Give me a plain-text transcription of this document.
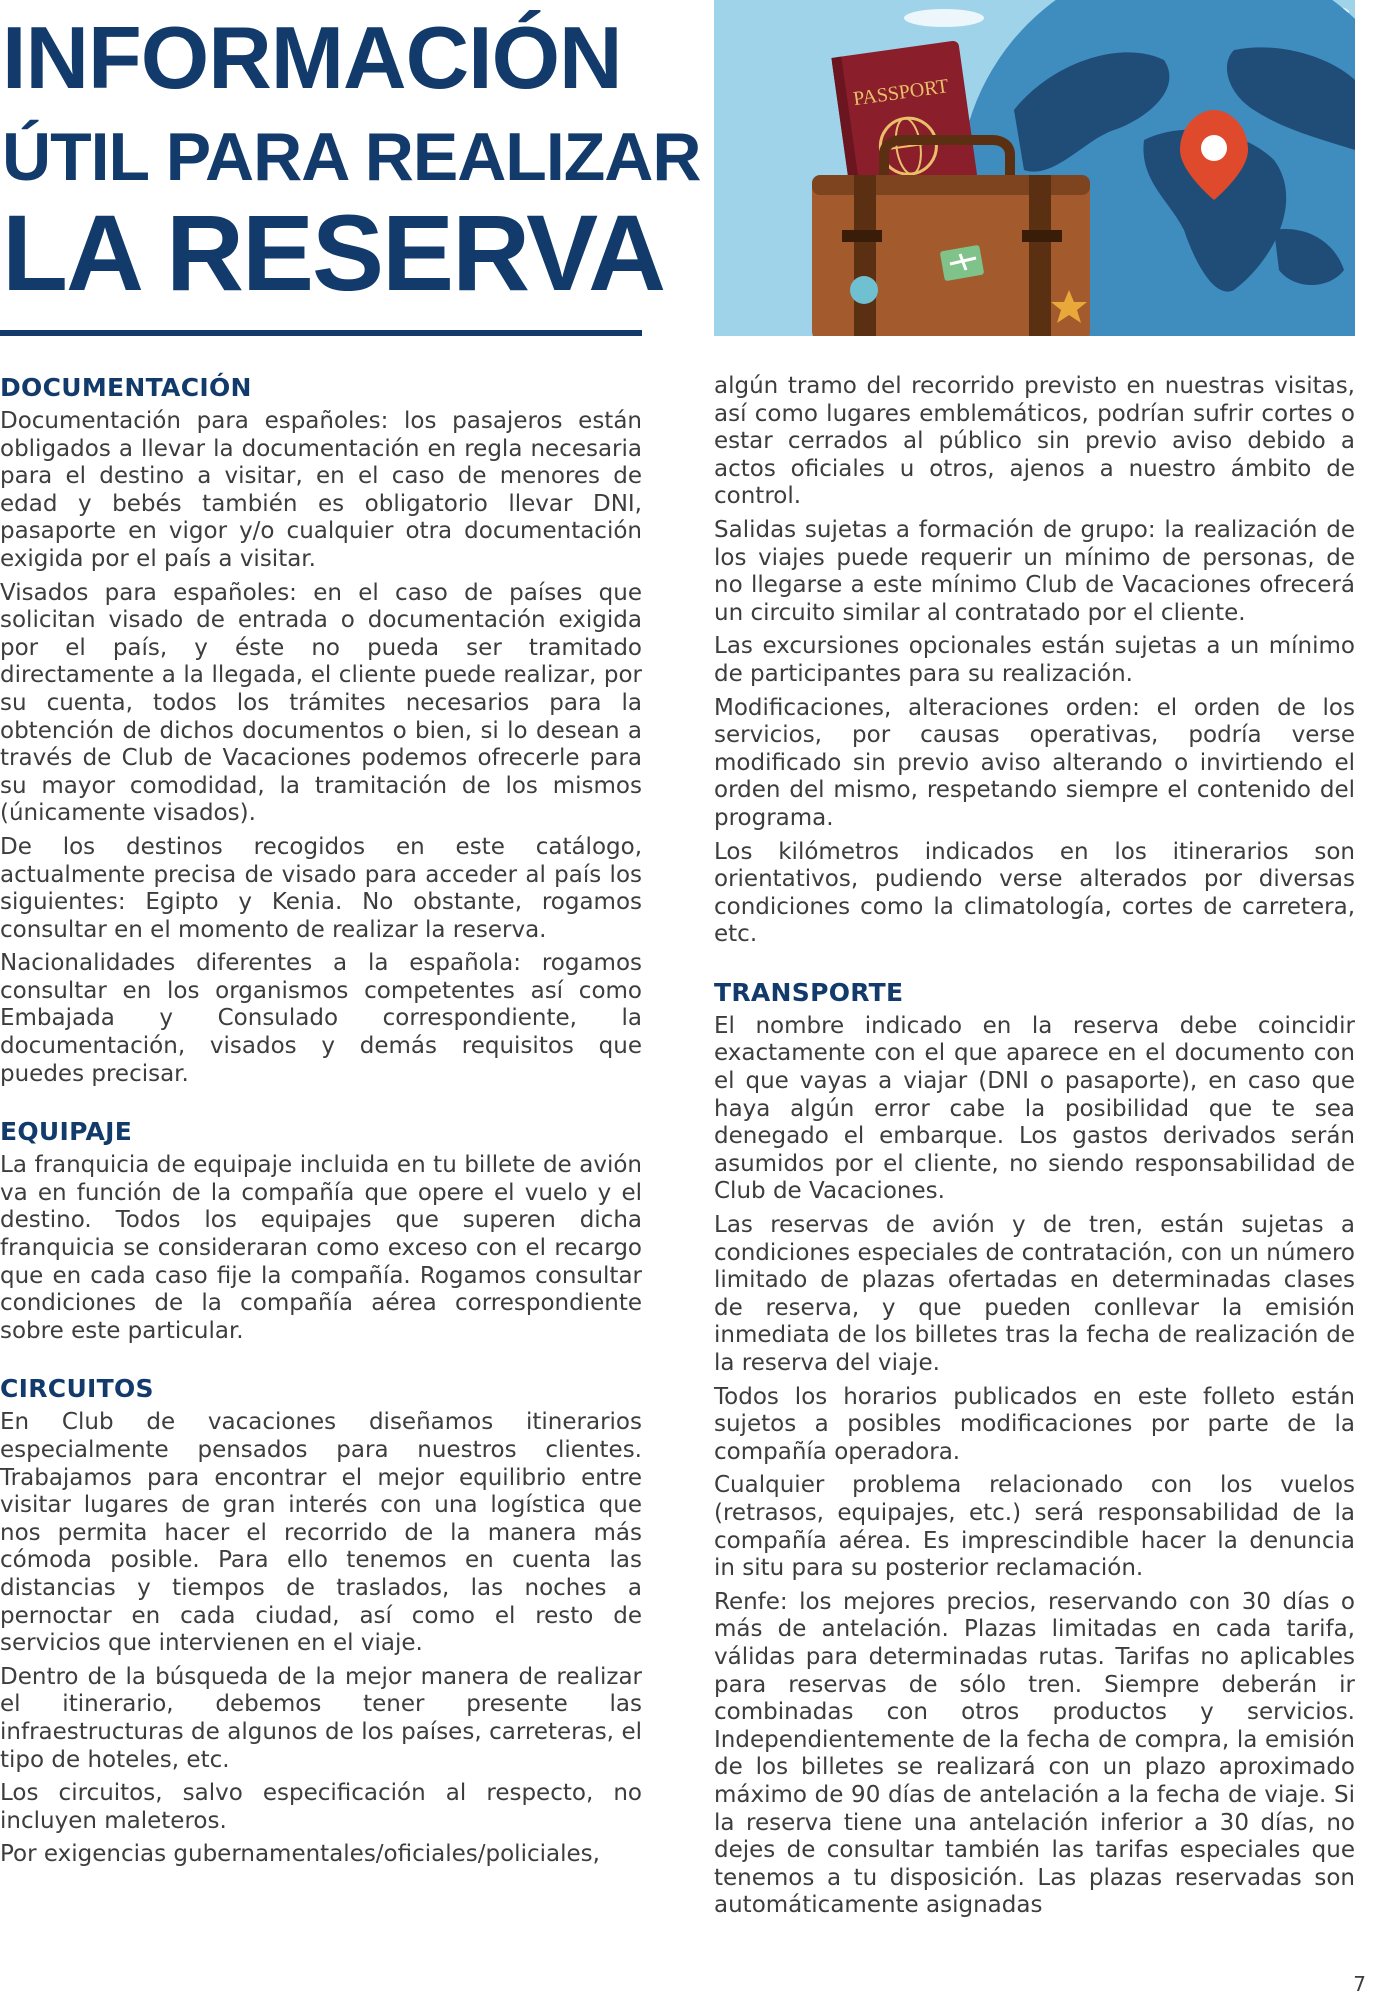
INFORMACIÓN
ÚTIL PARA REALIZAR
LA RESERVA
PASSPORT
DOCUMENTACIÓN

Documentación para españoles: los pasajeros están obligados a llevar la documentación en regla necesaria para el destino a visitar, en el caso de menores de edad y bebés también es obligatorio llevar DNI, pasaporte en vigor y/o cualquier otra documentación exigida por el país a visitar.

Visados para españoles: en el caso de países que solicitan visado de entrada o documentación exigida por el país, y éste no pueda ser tramitado directamente a la llegada, el cliente puede realizar, por su cuenta, todos los trámites necesarios para la obtención de dichos documentos o bien, si lo desean a través de Club de Vacaciones podemos ofrecerle para su mayor comodidad, la tramitación de los mismos (únicamente visados).

De los destinos recogidos en este catálogo, actualmente precisa de visado para acceder al país los siguientes: Egipto y Kenia. No obstante, rogamos consultar en el momento de realizar la reserva.

Nacionalidades diferentes a la española: rogamos consultar en los organismos competentes así como Embajada y Consulado correspondiente, la documentación, visados y demás requisitos que puedes precisar.

EQUIPAJE

La franquicia de equipaje incluida en tu billete de avión va en función de la compañía que opere el vuelo y el destino. Todos los equipajes que superen dicha franquicia se consideraran como exceso con el recargo que en cada caso fije la compañía. Rogamos consultar condiciones de la compañía aérea correspondiente sobre este particular.

CIRCUITOS

En Club de vacaciones diseñamos itinerarios especialmente pensados para nuestros clientes. Trabajamos para encontrar el mejor equilibrio entre visitar lugares de gran interés con una logística que nos permita hacer el recorrido de la manera más cómoda posible. Para ello tenemos en cuenta las distancias y tiempos de traslados, las noches a pernoctar en cada ciudad, así como el resto de servicios que intervienen en el viaje.

Dentro de la búsqueda de la mejor manera de realizar el itinerario, debemos tener presente las infraestructuras de algunos de los países, carreteras, el tipo de hoteles, etc.

Los circuitos, salvo especificación al respecto, no incluyen maleteros.

Por exigencias gubernamentales/oficiales/policiales,

algún tramo del recorrido previsto en nuestras visitas, así como lugares emblemáticos, podrían sufrir cortes o estar cerrados al público sin previo aviso debido a actos oficiales u otros, ajenos a nuestro ámbito de control.

Salidas sujetas a formación de grupo: la realización de los viajes puede requerir un mínimo de personas, de no llegarse a este mínimo Club de Vacaciones ofrecerá un circuito similar al contratado por el cliente.

Las excursiones opcionales están sujetas a un mínimo de participantes para su realización.

Modificaciones, alteraciones orden: el orden de los servicios, por causas operativas, podría verse modificado sin previo aviso alterando o invirtiendo el orden del mismo, respetando siempre el contenido del programa.

Los kilómetros indicados en los itinerarios son orientativos, pudiendo verse alterados por diversas condiciones como la climatología, cortes de carretera, etc.

TRANSPORTE

El nombre indicado en la reserva debe coincidir exactamente con el que aparece en el documento con el que vayas a viajar (DNI o pasaporte), en caso que haya algún error cabe la posibilidad que te sea denegado el embarque. Los gastos derivados serán asumidos por el cliente, no siendo responsabilidad de Club de Vacaciones.

Las reservas de avión y de tren, están sujetas a condiciones especiales de contratación, con un número limitado de plazas ofertadas en determinadas clases de reserva, y que pueden conllevar la emisión inmediata de los billetes tras la fecha de realización de la reserva del viaje.

Todos los horarios publicados en este folleto están sujetos a posibles modificaciones por parte de la compañía operadora.

Cualquier problema relacionado con los vuelos (retrasos, equipajes, etc.) será responsabilidad de la compañía aérea. Es imprescindible hacer la denuncia in situ para su posterior reclamación.

Renfe: los mejores precios, reservando con 30 días o más de antelación. Plazas limitadas en cada tarifa, válidas para determinadas rutas. Tarifas no aplicables para reservas de sólo tren. Siempre deberán ir combinadas con otros productos y servicios. Independientemente de la fecha de compra, la emisión de los billetes se realizará con un plazo aproximado máximo de 90 días de antelación a la fecha de viaje. Si la reserva tiene una antelación inferior a 30 días, no dejes de consultar también las tarifas especiales que tenemos a tu disposición. Las plazas reservadas son automáticamente asignadas

7
